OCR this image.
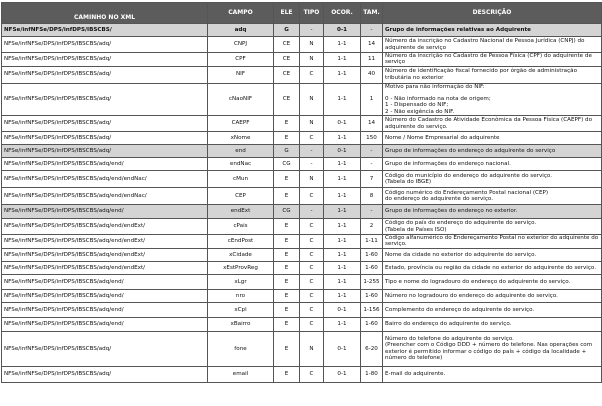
CAMINHO NO XML	CAMPO	ELE	TIPO	OCOR.	TAM.	DESCRIÇÃO
NFSe/infNFSe/DPS/infDPS/IBSCBS/	adq	G	-	0-1	-	Grupo de informações relativas ao Adquirente
NFSe/infNFSe/DPS/infDPS/IBSCBS/adq/	CNPJ	CE	N	1-1	14	Número da inscrição no Cadastro Nacional de Pessoa Jurídica (CNPJ) do adquirente de serviço
NFSe/infNFSe/DPS/infDPS/IBSCBS/adq/	CPF	CE	N	1-1	11	Número da inscrição no Cadastro de Pessoa Física (CPF) do adquirente de serviço
NFSe/infNFSe/DPS/infDPS/IBSCBS/adq/	NIF	CE	C	1-1	40	Número de identificação fiscal fornecido por órgão de administração tributária no exterior
NFSe/infNFSe/DPS/infDPS/IBSCBS/adq/	cNaoNIF	CE	N	1-1	1	Motivo para não informação do NIF:

0 - Não informado na nota de origem;
1 - Dispensado do NIF;
2 - Não exigência do NIF.
NFSe/infNFSe/DPS/infDPS/IBSCBS/adq/	CAEPF	E	N	0-1	14	Número do Cadastro de Atividade Econômica da Pessoa Física (CAEPF) do adquirente do serviço.
NFSe/infNFSe/DPS/infDPS/IBSCBS/adq/	xNome	E	C	1-1	150	Nome / Nome Empresarial do adquirente
NFSe/infNFSe/DPS/infDPS/IBSCBS/adq/	end	G	-	0-1	-	Grupo de informações do endereço do adquirente do serviço
NFSe/infNFSe/DPS/infDPS/IBSCBS/adq/end/	endNac	CG	-	1-1	-	Grupo de informações do endereço nacional.
NFSe/infNFSe/DPS/infDPS/IBSCBS/adq/end/endNac/	cMun	E	N	1-1	7	Código do município do endereço do adquirente do serviço.
(Tabela do IBGE)
NFSe/infNFSe/DPS/infDPS/IBSCBS/adq/end/endNac/	CEP	E	C	1-1	8	Código numérico do Endereçamento Postal nacional (CEP)
do endereço do adquirente do serviço.
NFSe/infNFSe/DPS/infDPS/IBSCBS/adq/end/	endExt	CG	-	1-1	-	Grupo de informações do endereço no exterior.
NFSe/infNFSe/DPS/infDPS/IBSCBS/adq/end/endExt/	cPais	E	C	1-1	2	Código do país do endereço do adquirente do serviço.
(Tabela de Países ISO)
NFSe/infNFSe/DPS/infDPS/IBSCBS/adq/end/endExt/	cEndPost	E	C	1-1	1-11	Código alfanumérico do Endereçamento Postal no exterior do adquirente do serviço.
NFSe/infNFSe/DPS/infDPS/IBSCBS/adq/end/endExt/	xCidade	E	C	1-1	1-60	Nome da cidade no exterior do adquirente do serviço.
NFSe/infNFSe/DPS/infDPS/IBSCBS/adq/end/endExt/	xEstProvReg	E	C	1-1	1-60	Estado, província ou região da cidade no exterior do adquirente do serviço.
NFSe/infNFSe/DPS/infDPS/IBSCBS/adq/end/	xLgr	E	C	1-1	1-255	Tipo e nome do logradouro do endereço do adquirente do serviço.
NFSe/infNFSe/DPS/infDPS/IBSCBS/adq/end/	nro	E	C	1-1	1-60	Número no logradouro do endereço do adquirente do serviço.
NFSe/infNFSe/DPS/infDPS/IBSCBS/adq/end/	xCpl	E	C	0-1	1-156	Complemento do endereço do adquirente do serviço.
NFSe/infNFSe/DPS/infDPS/IBSCBS/adq/end/	xBairro	E	C	1-1	1-60	Bairro do endereço do adquirente do serviço.
NFSe/infNFSe/DPS/infDPS/IBSCBS/adq/	fone	E	N	0-1	6-20	Número do telefone do adquirente do serviço.
(Preencher com o Código DDD + número do telefone. Nas operações com exterior é permitido informar o código do país + código da localidade + número do telefone)
NFSe/infNFSe/DPS/infDPS/IBSCBS/adq/	email	E	C	0-1	1-80	E-mail do adquirente.
